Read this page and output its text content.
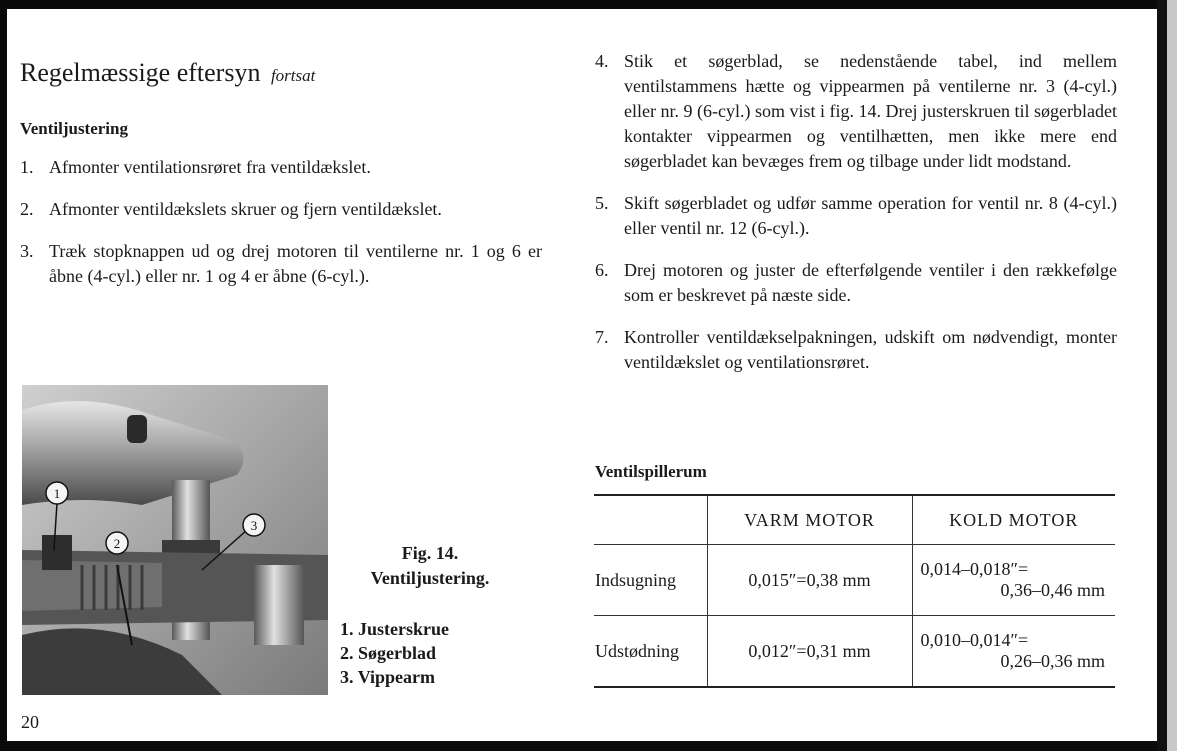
Regelmæssige eftersyn fortsat
Ventiljustering
1. Afmonter ventilationsrøret fra ventildækslet.
2. Afmonter ventildækslets skruer og fjern ventildækslet.
3. Træk stopknappen ud og drej motoren til ventilerne nr. 1 og 6 er åbne (4-cyl.) eller nr. 1 og 4 er åbne (6-cyl.).
4. Stik et søgerblad, se nedenstående tabel, ind mellem ventilstammens hætte og vippearmen på ventilerne nr. 3 (4-cyl.) eller nr. 9 (6-cyl.) som vist i fig. 14. Drej justerskruen til søgerbladet kontakter vippearmen og ventilhætten, men ikke mere end søgerbladet kan bevæges frem og tilbage under lidt modstand.
5. Skift søgerbladet og udfør samme operation for ventil nr. 8 (4-cyl.) eller ventil nr. 12 (6-cyl.).
6. Drej motoren og juster de efterfølgende ventiler i den rækkefølge som er beskrevet på næste side.
7. Kontroller ventildækselpakningen, udskift om nødvendigt, monter ventildækslet og ventilationsrøret.
1
2
3
Fig. 14.
Ventiljustering.
1. Justerskrue
2. Søgerblad
3. Vippearm
Ventilspillerum
	VARM MOTOR	KOLD MOTOR
Indsugning	0,015″=0,38 mm	0,014–0,018″=
0,36–0,46 mm

Udstødning	0,012″=0,31 mm	0,010–0,014″=
0,26–0,36 mm
20
